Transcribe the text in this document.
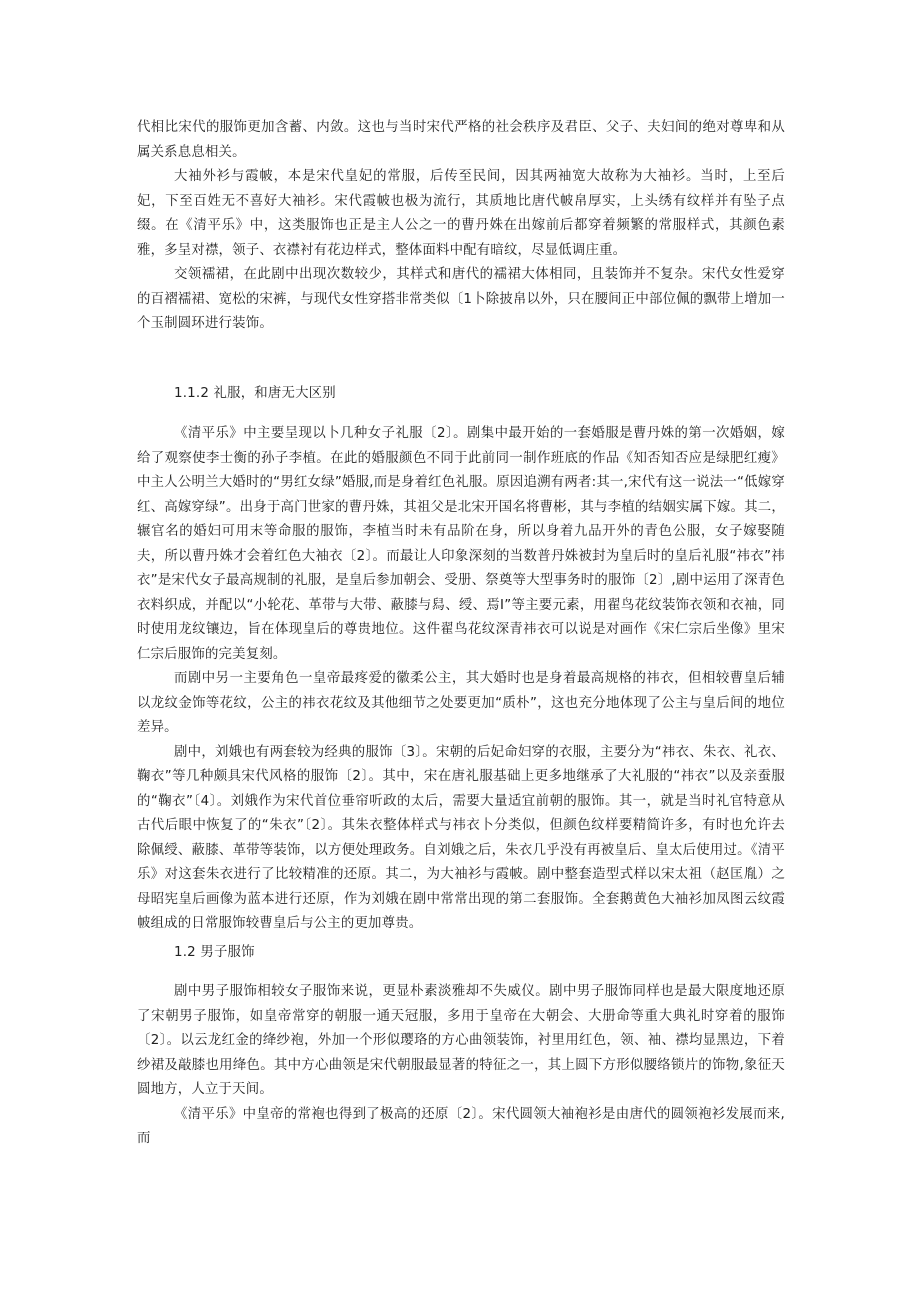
代相比宋代的服饰更加含蓄、内敛。这也与当时宋代严格的社会秩序及君臣、父子、夫妇间的绝对尊卑和从属关系息息相关。

大袖外衫与霞帔，本是宋代皇妃的常服，后传至民间，因其两袖宽大故称为大袖衫。当时，上至后妃，下至百姓无不喜好大袖衫。宋代霞帔也极为流行，其质地比唐代帔帛厚实，上头绣有纹样并有坠子点缀。在《清平乐》中，这类服饰也正是主人公之一的曹丹姝在出嫁前后都穿着频繁的常服样式，其颜色素雅，多呈对襟，领子、衣襟衬有花边样式，整体面料中配有暗纹，尽显低调庄重。

交领襦裙，在此剧中出现次数较少，其样式和唐代的襦裙大体相同，且装饰并不复杂。宋代女性爱穿的百褶襦裙、宽松的宋裤，与现代女性穿搭非常类似〔1卜除披帛以外，只在腰间正中部位佩的飘带上增加一个玉制圆环进行装饰。

1.1.2 礼服，和唐无大区别

《清平乐》中主要呈现以卜几种女子礼服〔2〕。剧集中最开始的一套婚服是曹丹姝的第一次婚姻，嫁给了观察使李士衡的孙子李植。在此的婚服颜色不同于此前同一制作班底的作品《知否知否应是绿肥红瘦》中主人公明兰大婚时的“男红女绿”婚服,而是身着红色礼服。原因追溯有两者:其一,宋代有这一说法一“低嫁穿红、高嫁穿绿”。出身于高门世家的曹丹姝，其祖父是北宋开国名将曹彬，其与李植的结姻实属下嫁。其二，辗官名的婚妇可用末等命服的服饰，李植当时未有品阶在身，所以身着九品开外的青色公服，女子嫁娶随夫，所以曹丹姝才会着红色大袖衣〔2〕。而最让人印象深刻的当数普丹姝被封为皇后时的皇后礼服“祎衣”祎衣”是宋代女子最高规制的礼服，是皇后参加朝会、受册、祭奠等大型事务时的服饰〔2〕,剧中运用了深青色衣料织成，并配以“小轮花、革带与大带、蔽膝与舄、绶、焉Ⅰ”等主要元素，用翟鸟花纹装饰衣领和衣袖，同时使用龙纹镶边，旨在体现皇后的尊贵地位。这件翟鸟花纹深青祎衣可以说是对画作《宋仁宗后坐像》里宋仁宗后服饰的完美复刻。

而剧中另一主要角色一皇帝最疼爱的徽柔公主，其大婚时也是身着最高规格的祎衣，但相较曹皇后辅以龙纹金饰等花纹，公主的祎衣花纹及其他细节之处要更加“质朴”，这也充分地体现了公主与皇后间的地位差异。

剧中，刘娥也有两套较为经典的服饰〔3〕。宋朝的后妃命妇穿的衣服，主要分为“祎衣、朱衣、礼衣、鞠衣”等几种颇具宋代风格的服饰〔2〕。其中，宋在唐礼服基础上更多地继承了大礼服的“祎衣”以及亲蚕服的“鞠衣”〔4〕。刘娥作为宋代首位垂帘听政的太后，需要大量适宜前朝的服饰。其一，就是当时礼官特意从古代后眼中恢复了的“朱衣”〔2〕。其朱衣整体样式与祎衣卜分类似，但颜色纹样要精简许多，有时也允许去除佩绶、蔽膝、革带等装饰，以方便处理政务。自刘娥之后，朱衣几乎没有再被皇后、皇太后使用过。《清平乐》对这套朱衣进行了比较精准的还原。其二，为大袖衫与霞帔。剧中整套造型式样以宋太祖（赵匡胤）之母昭宪皇后画像为蓝本进行还原，作为刘娥在剧中常常出现的第二套服饰。全套鹅黄色大袖衫加凤图云纹霞帔组成的日常服饰较曹皇后与公主的更加尊贵。

1.2 男子服饰

剧中男子服饰相较女子服饰来说，更显朴素淡雅却不失威仪。剧中男子服饰同样也是最大限度地还原了宋朝男子服饰，如皇帝常穿的朝服一通天冠服，多用于皇帝在大朝会、大册命等重大典礼时穿着的服饰〔2〕。以云龙红金的绛纱袍，外加一个形似璎珞的方心曲领装饰，衬里用红色，领、袖、襟均显黑边，下着纱裙及敲膝也用绛色。其中方心曲领是宋代朝服最显著的特征之一，其上圆下方形似腰络锁片的饰物,象征天圆地方，人立于天间。

《清平乐》中皇帝的常袍也得到了极高的还原〔2〕。宋代圆领大袖袍衫是由唐代的圆领袍衫发展而来,而
